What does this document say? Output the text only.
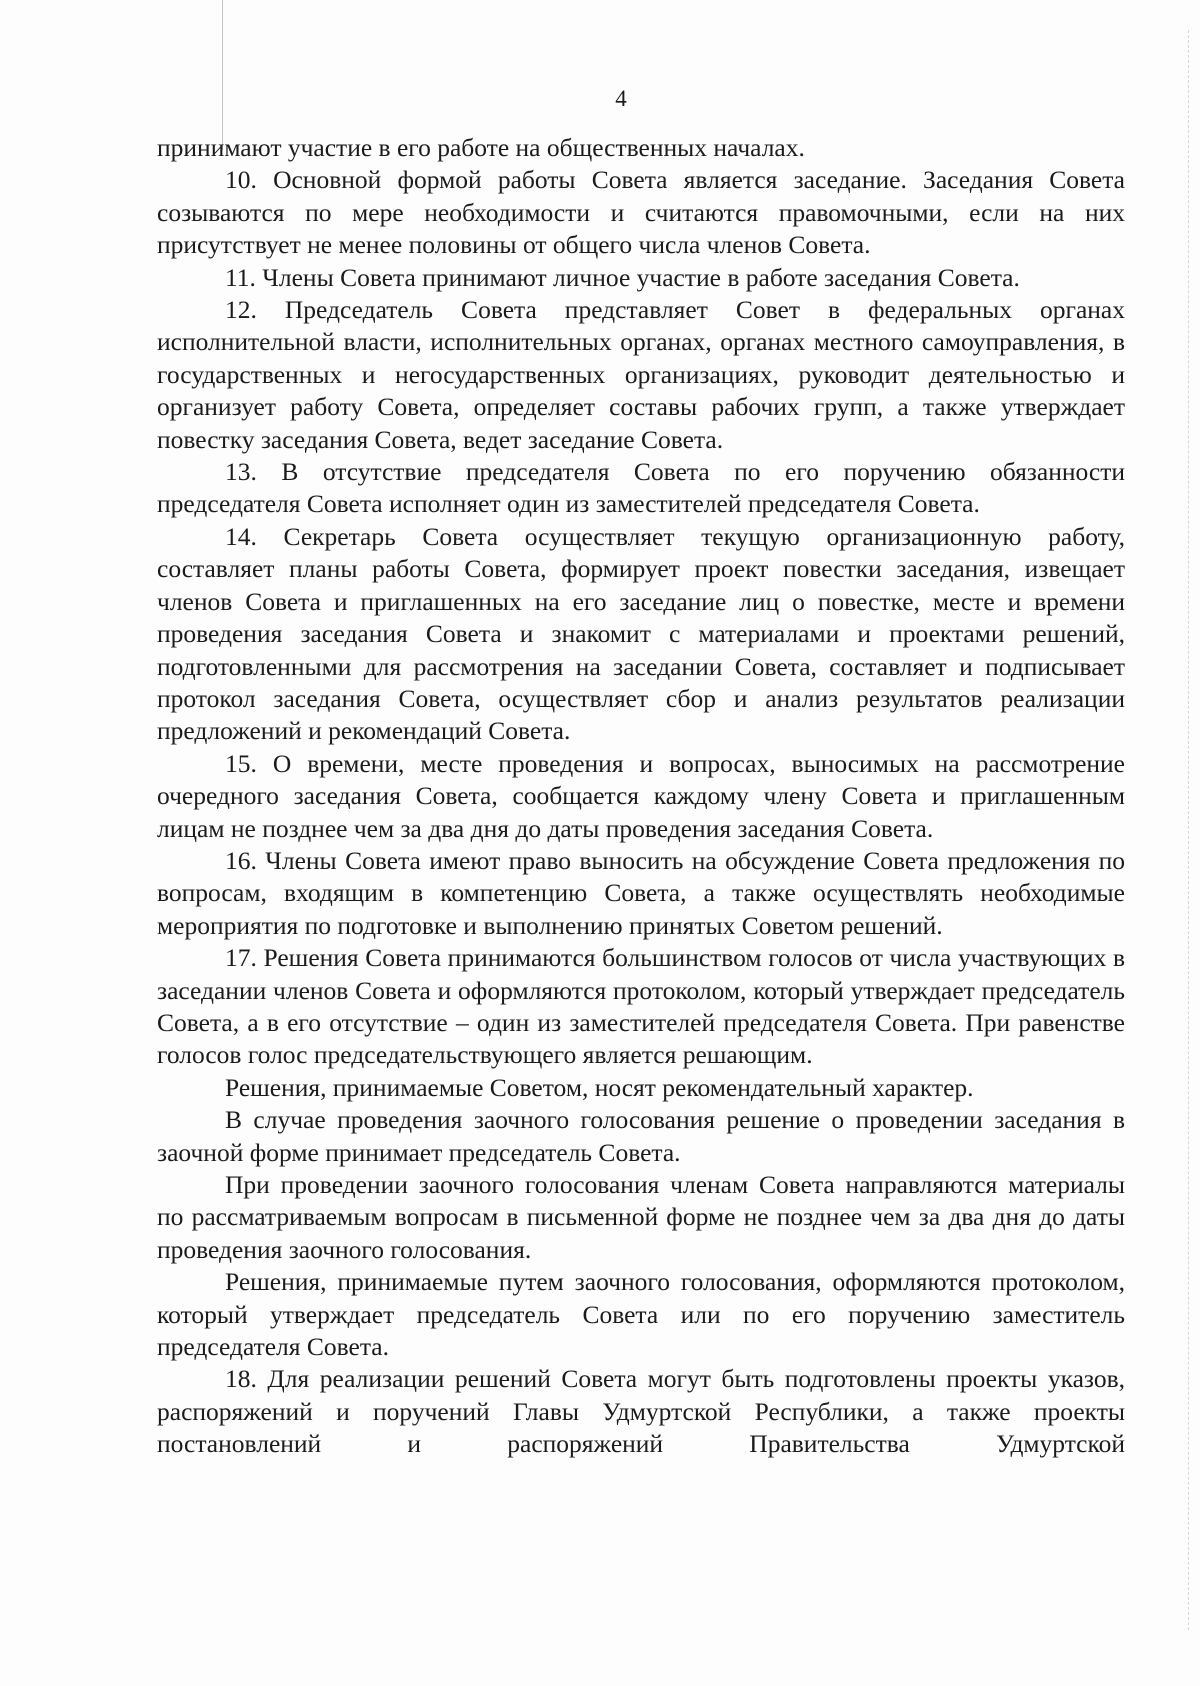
4

принимают участие в его работе на общественных началах.

10. Основной формой работы Совета является заседание. Заседания Совета созываются по мере необходимости и считаются правомочными, если на них присутствует не менее половины от общего числа членов Совета.

11. Члены Совета принимают личное участие в работе заседания Совета.

12. Председатель Совета представляет Совет в федеральных органах исполнительной власти, исполнительных органах, органах местного самоуправления, в государственных и негосударственных организациях, руководит деятельностью и организует работу Совета, определяет составы рабочих групп, а также утверждает повестку заседания Совета, ведет заседание Совета.

13. В отсутствие председателя Совета по его поручению обязанности председателя Совета исполняет один из заместителей председателя Совета.

14. Секретарь Совета осуществляет текущую организационную работу, составляет планы работы Совета, формирует проект повестки заседания, извещает членов Совета и приглашенных на его заседание лиц о повестке, месте и времени проведения заседания Совета и знакомит с материалами и проектами решений, подготовленными для рассмотрения на заседании Совета, составляет и подписывает протокол заседания Совета, осуществляет сбор и анализ результатов реализации предложений и рекомендаций Совета.

15. О времени, месте проведения и вопросах, выносимых на рассмотрение очередного заседания Совета, сообщается каждому члену Совета и приглашенным лицам не позднее чем за два дня до даты проведения заседания Совета.

16. Члены Совета имеют право выносить на обсуждение Совета предложения по вопросам, входящим в компетенцию Совета, а также осуществлять необходимые мероприятия по подготовке и выполнению принятых Советом решений.

17. Решения Совета принимаются большинством голосов от числа участвующих в заседании членов Совета и оформляются протоколом, который утверждает председатель Совета, а в его отсутствие – один из заместителей председателя Совета. При равенстве голосов голос председательствующего является решающим.

Решения, принимаемые Советом, носят рекомендательный характер.

В случае проведения заочного голосования решение о проведении заседания в заочной форме принимает председатель Совета.

При проведении заочного голосования членам Совета направляются материалы по рассматриваемым вопросам в письменной форме не позднее чем за два дня до даты проведения заочного голосования.

Решения, принимаемые путем заочного голосования, оформляются протоколом, который утверждает председатель Совета или по его поручению заместитель председателя Совета.

18. Для реализации решений Совета могут быть подготовлены проекты указов, распоряжений и поручений Главы Удмуртской Республики, а также проекты постановлений и распоряжений Правительства Удмуртской
